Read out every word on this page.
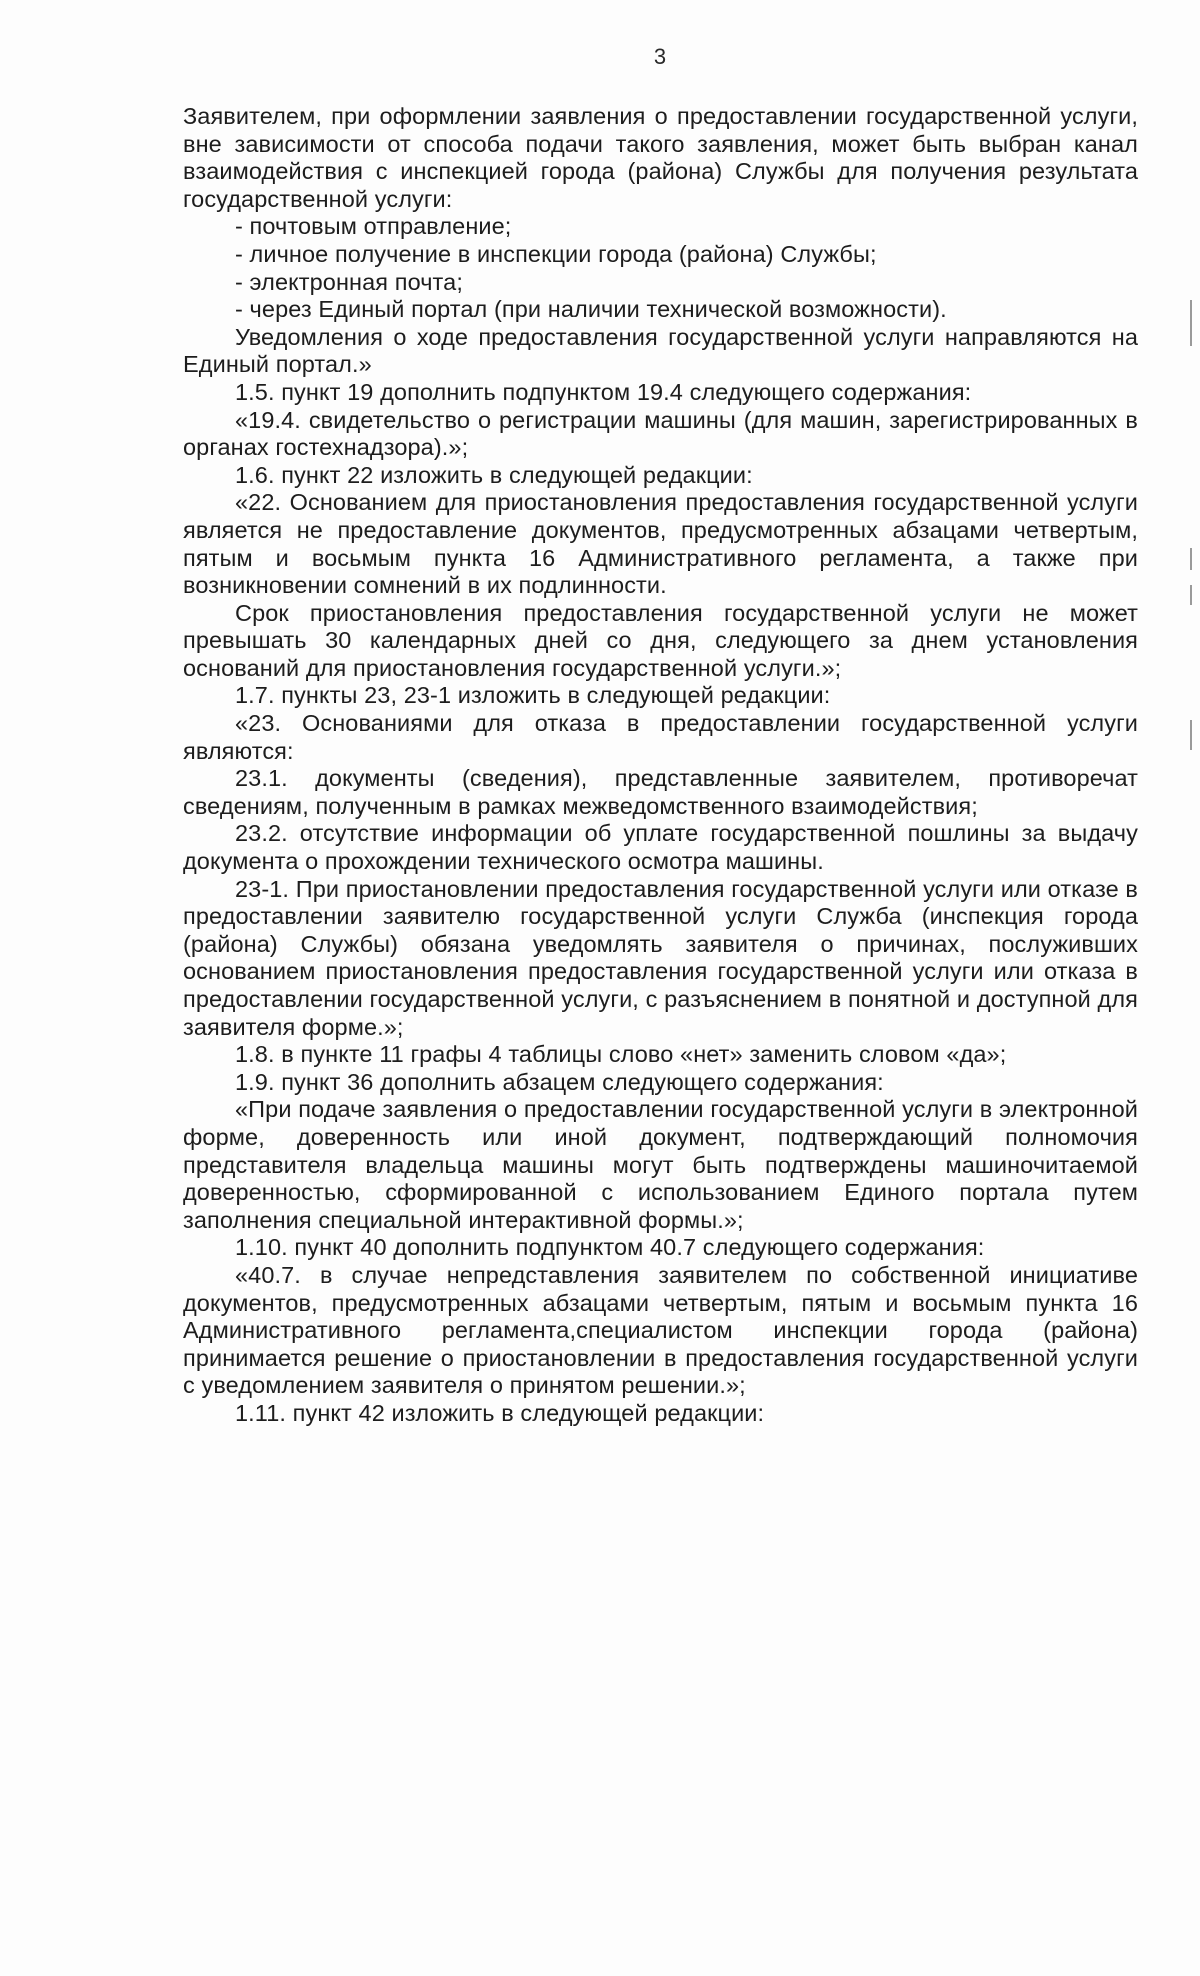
3

Заявителем, при оформлении заявления о предоставлении государственной услуги, вне зависимости от способа подачи такого заявления, может быть выбран канал взаимодействия с инспекцией города (района) Службы для получения результата государственной услуги:

- почтовым отправление;

- личное получение в инспекции города (района) Службы;

- электронная почта;

- через Единый портал (при наличии технической возможности).

Уведомления о ходе предоставления государственной услуги направляются на Единый портал.»

1.5. пункт 19 дополнить подпунктом 19.4 следующего содержания:

«19.4. свидетельство о регистрации машины (для машин, зарегистрированных в органах гостехнадзора).»;

1.6. пункт 22 изложить в следующей редакции:

«22. Основанием для приостановления предоставления государственной услуги является не предоставление документов, предусмотренных абзацами четвертым, пятым и восьмым пункта 16 Административного регламента, а также при возникновении сомнений в их подлинности.

Срок приостановления предоставления государственной услуги не может превышать 30 календарных дней со дня, следующего за днем установления оснований для приостановления государственной услуги.»;

1.7. пункты 23, 23-1 изложить в следующей редакции:

«23. Основаниями для отказа в предоставлении государственной услуги являются:

23.1. документы (сведения), представленные заявителем, противоречат сведениям, полученным в рамках межведомственного взаимодействия;

23.2. отсутствие информации об уплате государственной пошлины за выдачу документа о прохождении технического осмотра машины.

23-1. При приостановлении предоставления государственной услуги или отказе в предоставлении заявителю государственной услуги Служба (инспекция города (района) Службы) обязана уведомлять заявителя о причинах, послуживших основанием приостановления предоставления государственной услуги или отказа в предоставлении государственной услуги, с разъяснением в понятной и доступной для заявителя форме.»;

1.8. в пункте 11 графы 4 таблицы слово «нет» заменить словом «да»;

1.9. пункт 36 дополнить абзацем следующего содержания:

«При подаче заявления о предоставлении государственной услуги в электронной форме, доверенность или иной документ, подтверждающий полномочия представителя владельца машины могут быть подтверждены машиночитаемой доверенностью, сформированной с использованием Единого портала путем заполнения специальной интерактивной формы.»;

1.10. пункт 40 дополнить подпунктом 40.7 следующего содержания:

«40.7. в случае непредставления заявителем по собственной инициативе документов, предусмотренных абзацами четвертым, пятым и восьмым пункта 16 Административного регламента,специалистом инспекции города (района) принимается решение о приостановлении в предоставления государственной услуги с уведомлением заявителя о принятом решении.»;

1.11. пункт 42 изложить в следующей редакции:
